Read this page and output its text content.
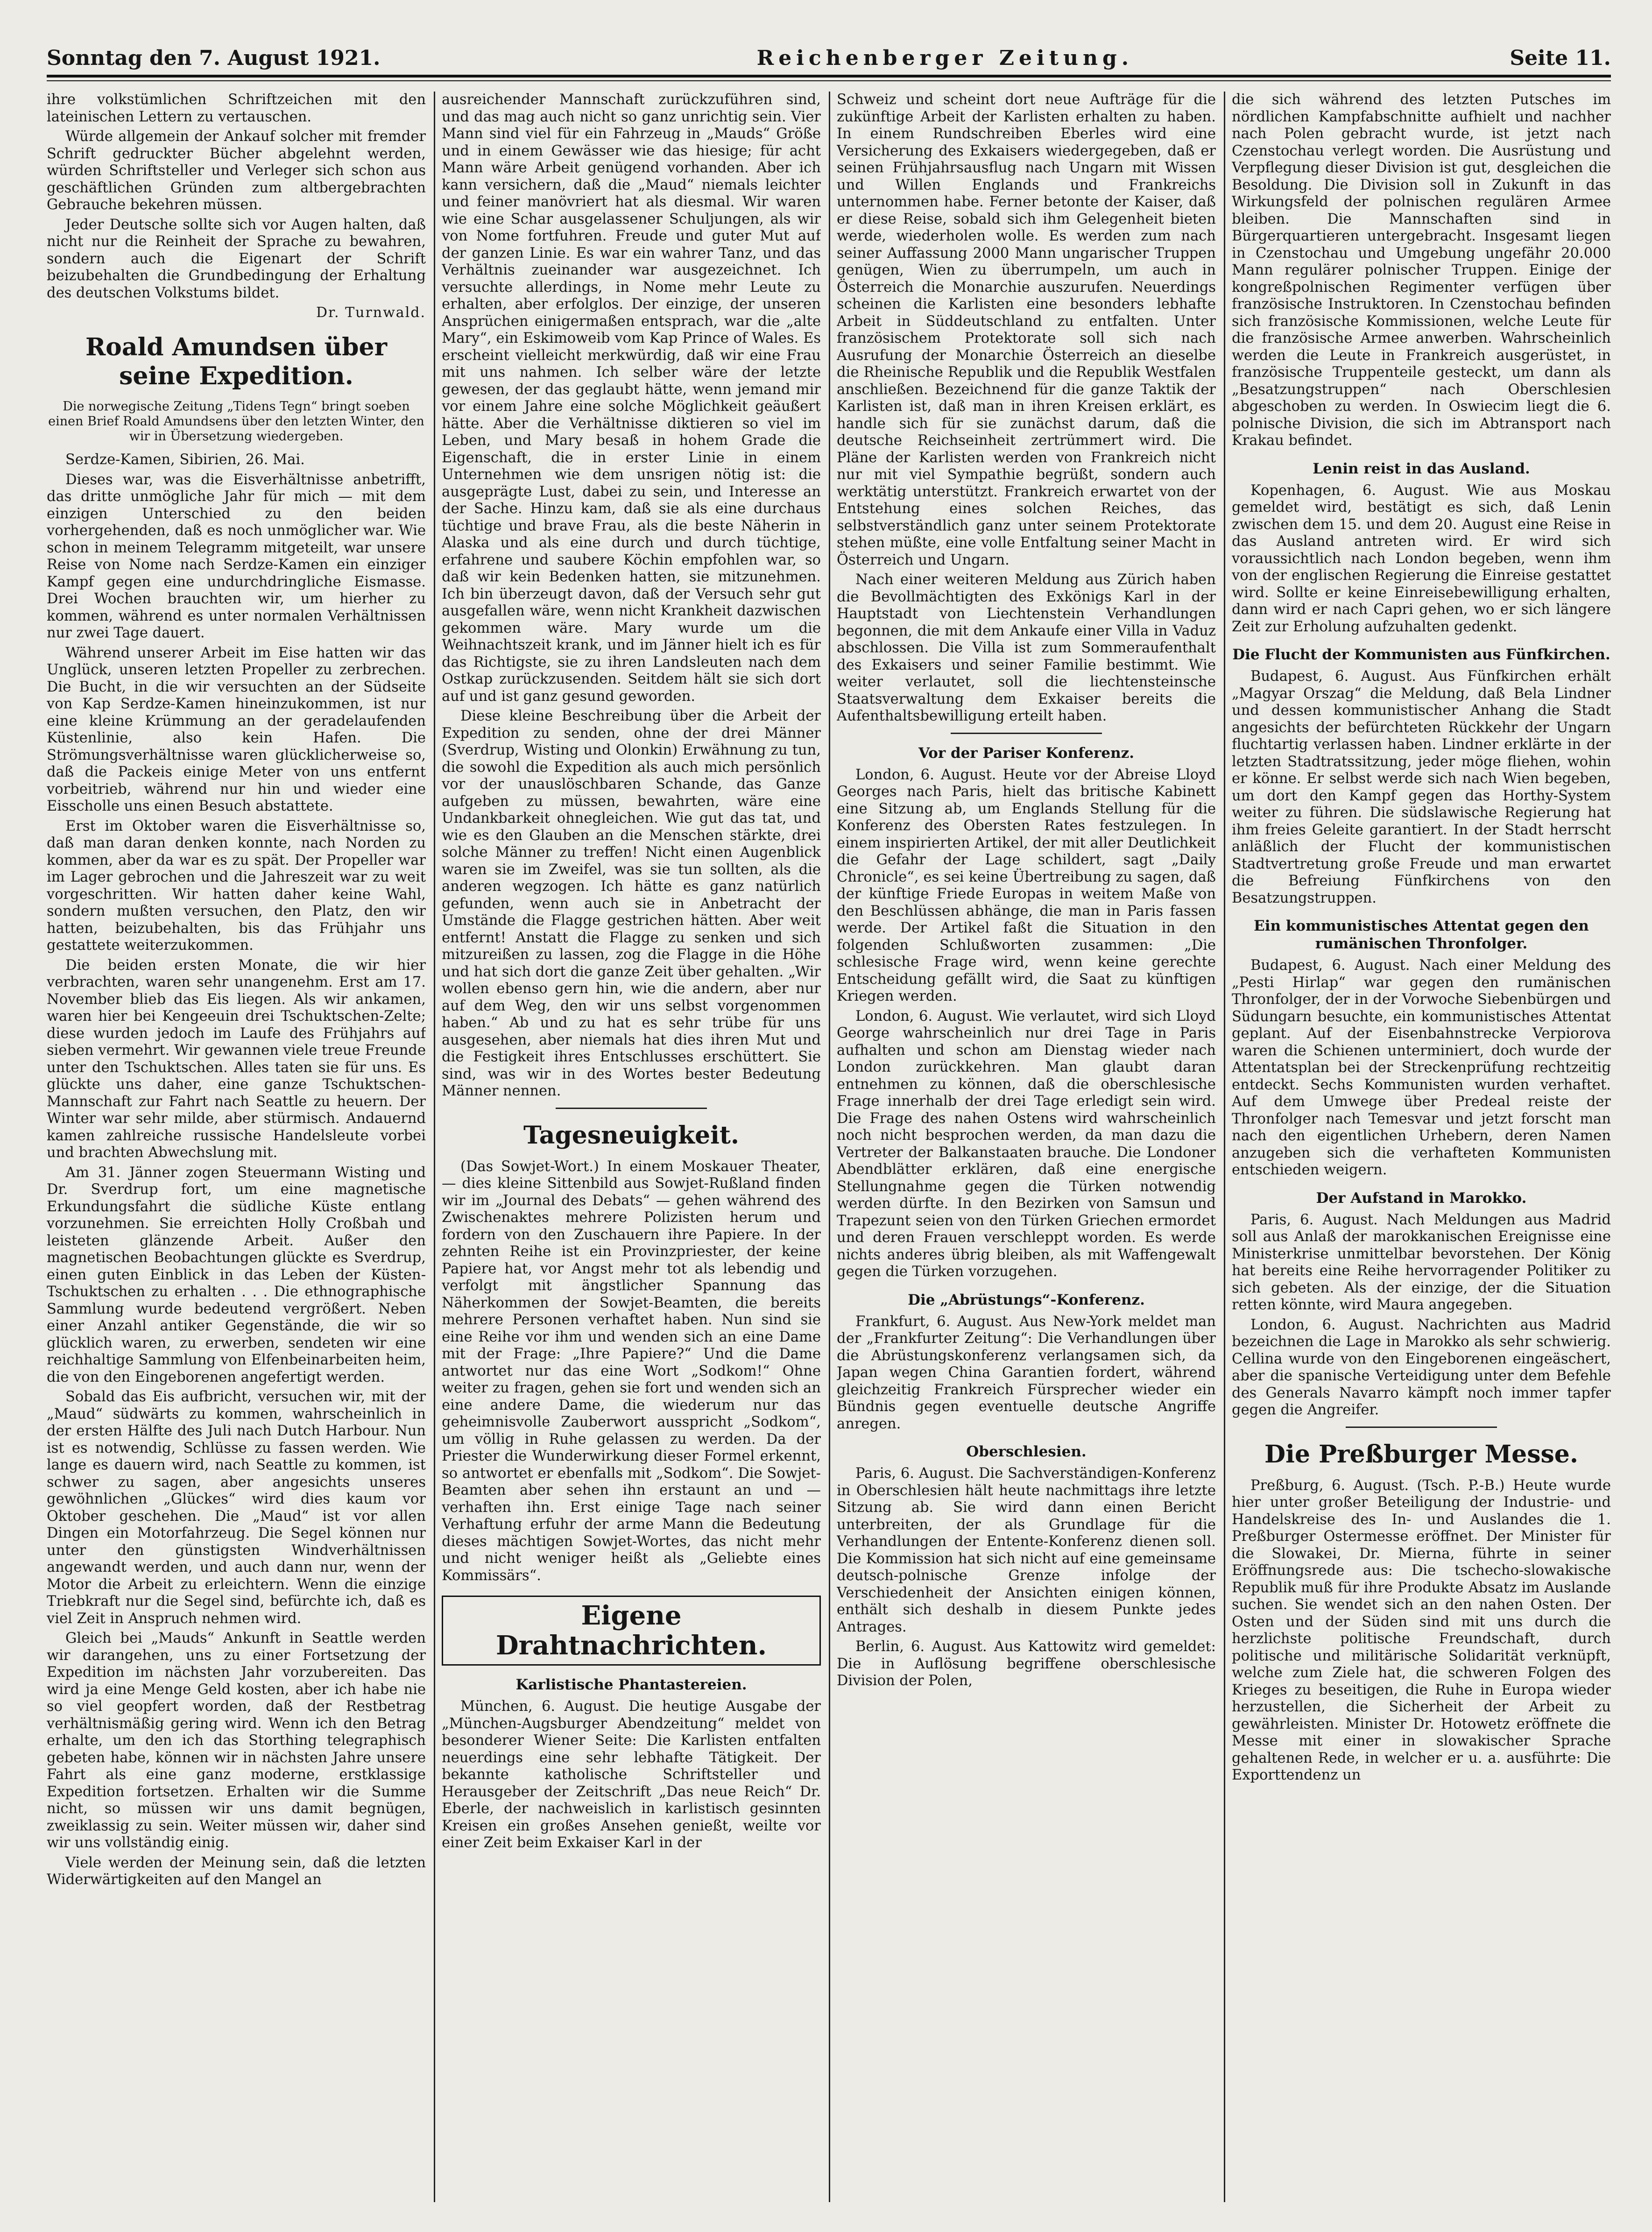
Sonntag den 7. August 1921.	Reichenberger Zeitung.	Seite 11.

ihre volkstümlichen Schriftzeichen mit den lateinischen Lettern zu vertauschen.

Würde allgemein der Ankauf solcher mit fremder Schrift gedruckter Bücher abgelehnt werden, würden Schriftsteller und Verleger sich schon aus geschäftlichen Gründen zum altbergebrachten Gebrauche bekehren müssen.

Jeder Deutsche sollte sich vor Augen halten, daß nicht nur die Reinheit der Sprache zu bewahren, sondern auch die Eigenart der Schrift beizubehalten die Grundbedingung der Erhaltung des deutschen Volkstums bildet.

Dr. Turnwald.
Roald Amundsen über seine Expedition.
Die norwegische Zeitung „Tidens Tegn“ bringt soeben einen Brief Roald Amundsens über den letzten Winter, den wir in Übersetzung wiedergeben.

Serdze-Kamen, Sibirien, 26. Mai.

Dieses war, was die Eisverhältnisse anbetrifft, das dritte unmögliche Jahr für mich — mit dem einzigen Unterschied zu den beiden vorhergehenden, daß es noch unmöglicher war. Wie schon in meinem Telegramm mitgeteilt, war unsere Reise von Nome nach Serdze-Kamen ein einziger Kampf gegen eine undurchdringliche Eismasse. Drei Wochen brauchten wir, um hierher zu kommen, während es unter normalen Verhältnissen nur zwei Tage dauert.

Während unserer Arbeit im Eise hatten wir das Unglück, unseren letzten Propeller zu zerbrechen. Die Bucht, in die wir versuchten an der Südseite von Kap Serdze-Kamen hineinzukommen, ist nur eine kleine Krümmung an der geradelaufenden Küstenlinie, also kein Hafen. Die Strömungsverhältnisse waren glücklicherweise so, daß die Packeis einige Meter von uns entfernt vorbeitrieb, während nur hin und wieder eine Eisscholle uns einen Besuch abstattete.

Erst im Oktober waren die Eisverhältnisse so, daß man daran denken konnte, nach Norden zu kommen, aber da war es zu spät. Der Propeller war im Lager gebrochen und die Jahreszeit war zu weit vorgeschritten. Wir hatten daher keine Wahl, sondern mußten versuchen, den Platz, den wir hatten, beizubehalten, bis das Frühjahr uns gestattete weiterzukommen.

Die beiden ersten Monate, die wir hier verbrachten, waren sehr unangenehm. Erst am 17. November blieb das Eis liegen. Als wir ankamen, waren hier bei Kengeeuin drei Tschuktschen-Zelte; diese wurden jedoch im Laufe des Frühjahrs auf sieben vermehrt. Wir gewannen viele treue Freunde unter den Tschuktschen. Alles taten sie für uns. Es glückte uns daher, eine ganze Tschuktschen-Mannschaft zur Fahrt nach Seattle zu heuern. Der Winter war sehr milde, aber stürmisch. Andauernd kamen zahlreiche russische Handelsleute vorbei und brachten Abwechslung mit.

Am 31. Jänner zogen Steuermann Wisting und Dr. Sverdrup fort, um eine magnetische Erkundungsfahrt die südliche Küste entlang vorzunehmen. Sie erreichten Holly Croßbah und leisteten glänzende Arbeit. Außer den magnetischen Beobachtungen glückte es Sverdrup, einen guten Einblick in das Leben der Küsten-Tschuktschen zu erhalten . . . Die ethnographische Sammlung wurde bedeutend vergrößert. Neben einer Anzahl antiker Gegenstände, die wir so glücklich waren, zu erwerben, sendeten wir eine reichhaltige Sammlung von Elfenbeinarbeiten heim, die von den Eingeborenen angefertigt werden.

Sobald das Eis aufbricht, versuchen wir, mit der „Maud“ südwärts zu kommen, wahrscheinlich in der ersten Hälfte des Juli nach Dutch Harbour. Nun ist es notwendig, Schlüsse zu fassen werden. Wie lange es dauern wird, nach Seattle zu kommen, ist schwer zu sagen, aber angesichts unseres gewöhnlichen „Glückes“ wird dies kaum vor Oktober geschehen. Die „Maud“ ist vor allen Dingen ein Motorfahrzeug. Die Segel können nur unter den günstigsten Windverhältnissen angewandt werden, und auch dann nur, wenn der Motor die Arbeit zu erleichtern. Wenn die einzige Triebkraft nur die Segel sind, befürchte ich, daß es viel Zeit in Anspruch nehmen wird.

Gleich bei „Mauds“ Ankunft in Seattle werden wir darangehen, uns zu einer Fortsetzung der Expedition im nächsten Jahr vorzubereiten. Das wird ja eine Menge Geld kosten, aber ich habe nie so viel geopfert worden, daß der Restbetrag verhältnismäßig gering wird. Wenn ich den Betrag erhalte, um den ich das Storthing telegraphisch gebeten habe, können wir in nächsten Jahre unsere Fahrt als eine ganz moderne, erstklassige Expedition fortsetzen. Erhalten wir die Summe nicht, so müssen wir uns damit begnügen, zweiklassig zu sein. Weiter müssen wir, daher sind wir uns vollständig einig.

Viele werden der Meinung sein, daß die letzten Widerwärtigkeiten auf den Mangel an

ausreichender Mannschaft zurückzuführen sind, und das mag auch nicht so ganz unrichtig sein. Vier Mann sind viel für ein Fahrzeug in „Mauds“ Größe und in einem Gewässer wie das hiesige; für acht Mann wäre Arbeit genügend vorhanden. Aber ich kann versichern, daß die „Maud“ niemals leichter und feiner manövriert hat als diesmal. Wir waren wie eine Schar ausgelassener Schuljungen, als wir von Nome fortfuhren. Freude und guter Mut auf der ganzen Linie. Es war ein wahrer Tanz, und das Verhältnis zueinander war ausgezeichnet. Ich versuchte allerdings, in Nome mehr Leute zu erhalten, aber erfolglos. Der einzige, der unseren Ansprüchen einigermaßen entsprach, war die „alte Mary“, ein Eskimoweib vom Kap Prince of Wales. Es erscheint vielleicht merkwürdig, daß wir eine Frau mit uns nahmen. Ich selber wäre der letzte gewesen, der das geglaubt hätte, wenn jemand mir vor einem Jahre eine solche Möglichkeit geäußert hätte. Aber die Verhältnisse diktieren so viel im Leben, und Mary besaß in hohem Grade die Eigenschaft, die in erster Linie in einem Unternehmen wie dem unsrigen nötig ist: die ausgeprägte Lust, dabei zu sein, und Interesse an der Sache. Hinzu kam, daß sie als eine durchaus tüchtige und brave Frau, als die beste Näherin in Alaska und als eine durch und durch tüchtige, erfahrene und saubere Köchin empfohlen war, so daß wir kein Bedenken hatten, sie mitzunehmen. Ich bin überzeugt davon, daß der Versuch sehr gut ausgefallen wäre, wenn nicht Krankheit dazwischen gekommen wäre. Mary wurde um die Weihnachtszeit krank, und im Jänner hielt ich es für das Richtigste, sie zu ihren Landsleuten nach dem Ostkap zurückzusenden. Seitdem hält sie sich dort auf und ist ganz gesund geworden.

Diese kleine Beschreibung über die Arbeit der Expedition zu senden, ohne der drei Männer (Sverdrup, Wisting und Olonkin) Erwähnung zu tun, die sowohl die Expedition als auch mich persönlich vor der unauslöschbaren Schande, das Ganze aufgeben zu müssen, bewahrten, wäre eine Undankbarkeit ohnegleichen. Wie gut das tat, und wie es den Glauben an die Menschen stärkte, drei solche Männer zu treffen! Nicht einen Augenblick waren sie im Zweifel, was sie tun sollten, als die anderen wegzogen. Ich hätte es ganz natürlich gefunden, wenn auch sie in Anbetracht der Umstände die Flagge gestrichen hätten. Aber weit entfernt! Anstatt die Flagge zu senken und sich mitzureißen zu lassen, zog die Flagge in die Höhe und hat sich dort die ganze Zeit über gehalten. „Wir wollen ebenso gern hin, wie die andern, aber nur auf dem Weg, den wir uns selbst vorgenommen haben.“ Ab und zu hat es sehr trübe für uns ausgesehen, aber niemals hat dies ihren Mut und die Festigkeit ihres Entschlusses erschüttert. Sie sind, was wir in des Wortes bester Bedeutung Männer nennen.

Tagesneuigkeit.

(Das Sowjet-Wort.) In einem Moskauer Theater, — dies kleine Sittenbild aus Sowjet-Rußland finden wir im „Journal des Debats“ — gehen während des Zwischenaktes mehrere Polizisten herum und fordern von den Zuschauern ihre Papiere. In der zehnten Reihe ist ein Provinzpriester, der keine Papiere hat, vor Angst mehr tot als lebendig und verfolgt mit ängstlicher Spannung das Näherkommen der Sowjet-Beamten, die bereits mehrere Personen verhaftet haben. Nun sind sie eine Reihe vor ihm und wenden sich an eine Dame mit der Frage: „Ihre Papiere?“ Und die Dame antwortet nur das eine Wort „Sodkom!“ Ohne weiter zu fragen, gehen sie fort und wenden sich an eine andere Dame, die wiederum nur das geheimnisvolle Zauberwort ausspricht „Sodkom“, um völlig in Ruhe gelassen zu werden. Da der Priester die Wunderwirkung dieser Formel erkennt, so antwortet er ebenfalls mit „Sodkom“. Die Sowjet-Beamten aber sehen ihn erstaunt an und — verhaften ihn. Erst einige Tage nach seiner Verhaftung erfuhr der arme Mann die Bedeutung dieses mächtigen Sowjet-Wortes, das nicht mehr und nicht weniger heißt als „Geliebte eines Kommissärs“.

Eigene Drahtnachrichten.
Karlistische Phantastereien.

München, 6. August. Die heutige Ausgabe der „München-Augsburger Abendzeitung“ meldet von besonderer Wiener Seite: Die Karlisten entfalten neuerdings eine sehr lebhafte Tätigkeit. Der bekannte katholische Schriftsteller und Herausgeber der Zeitschrift „Das neue Reich“ Dr. Eberle, der nachweislich in karlistisch gesinnten Kreisen ein großes Ansehen genießt, weilte vor einer Zeit beim Exkaiser Karl in der

Schweiz und scheint dort neue Aufträge für die zukünftige Arbeit der Karlisten erhalten zu haben. In einem Rundschreiben Eberles wird eine Versicherung des Exkaisers wiedergegeben, daß er seinen Frühjahrsausflug nach Ungarn mit Wissen und Willen Englands und Frankreichs unternommen habe. Ferner betonte der Kaiser, daß er diese Reise, sobald sich ihm Gelegenheit bieten werde, wiederholen wolle. Es werden zum nach seiner Auffassung 2000 Mann ungarischer Truppen genügen, Wien zu überrumpeln, um auch in Österreich die Monarchie auszurufen. Neuerdings scheinen die Karlisten eine besonders lebhafte Arbeit in Süddeutschland zu entfalten. Unter französischem Protektorate soll sich nach Ausrufung der Monarchie Österreich an dieselbe die Rheinische Republik und die Republik Westfalen anschließen. Bezeichnend für die ganze Taktik der Karlisten ist, daß man in ihren Kreisen erklärt, es handle sich für sie zunächst darum, daß die deutsche Reichseinheit zertrümmert wird. Die Pläne der Karlisten werden von Frankreich nicht nur mit viel Sympathie begrüßt, sondern auch werktätig unterstützt. Frankreich erwartet von der Entstehung eines solchen Reiches, das selbstverständlich ganz unter seinem Protektorate stehen müßte, eine volle Entfaltung seiner Macht in Österreich und Ungarn.

Nach einer weiteren Meldung aus Zürich haben die Bevollmächtigten des Exkönigs Karl in der Hauptstadt von Liechtenstein Verhandlungen begonnen, die mit dem Ankaufe einer Villa in Vaduz abschlossen. Die Villa ist zum Sommeraufenthalt des Exkaisers und seiner Familie bestimmt. Wie weiter verlautet, soll die liechtensteinsche Staatsverwaltung dem Exkaiser bereits die Aufenthaltsbewilligung erteilt haben.

Vor der Pariser Konferenz.

London, 6. August. Heute vor der Abreise Lloyd Georges nach Paris, hielt das britische Kabinett eine Sitzung ab, um Englands Stellung für die Konferenz des Obersten Rates festzulegen. In einem inspirierten Artikel, der mit aller Deutlichkeit die Gefahr der Lage schildert, sagt „Daily Chronicle“, es sei keine Übertreibung zu sagen, daß der künftige Friede Europas in weitem Maße von den Beschlüssen abhänge, die man in Paris fassen werde. Der Artikel faßt die Situation in den folgenden Schlußworten zusammen: „Die schlesische Frage wird, wenn keine gerechte Entscheidung gefällt wird, die Saat zu künftigen Kriegen werden.

London, 6. August. Wie verlautet, wird sich Lloyd George wahrscheinlich nur drei Tage in Paris aufhalten und schon am Dienstag wieder nach London zurückkehren. Man glaubt daran entnehmen zu können, daß die oberschlesische Frage innerhalb der drei Tage erledigt sein wird. Die Frage des nahen Ostens wird wahrscheinlich noch nicht besprochen werden, da man dazu die Vertreter der Balkanstaaten brauche. Die Londoner Abendblätter erklären, daß eine energische Stellungnahme gegen die Türken notwendig werden dürfte. In den Bezirken von Samsun und Trapezunt seien von den Türken Griechen ermordet und deren Frauen verschleppt worden. Es werde nichts anderes übrig bleiben, als mit Waffengewalt gegen die Türken vorzugehen.

Die „Abrüstungs“-Konferenz.

Frankfurt, 6. August. Aus New-York meldet man der „Frankfurter Zeitung“: Die Verhandlungen über die Abrüstungskonferenz verlangsamen sich, da Japan wegen China Garantien fordert, während gleichzeitig Frankreich Fürsprecher wieder ein Bündnis gegen eventuelle deutsche Angriffe anregen.

Oberschlesien.

Paris, 6. August. Die Sachverständigen-Konferenz in Oberschlesien hält heute nachmittags ihre letzte Sitzung ab. Sie wird dann einen Bericht unterbreiten, der als Grundlage für die Verhandlungen der Entente-Konferenz dienen soll. Die Kommission hat sich nicht auf eine gemeinsame deutsch-polnische Grenze infolge der Verschiedenheit der Ansichten einigen können, enthält sich deshalb in diesem Punkte jedes Antrages.

Berlin, 6. August. Aus Kattowitz wird gemeldet: Die in Auflösung begriffene oberschlesische Division der Polen,

die sich während des letzten Putsches im nördlichen Kampfabschnitte aufhielt und nachher nach Polen gebracht wurde, ist jetzt nach Czenstochau verlegt worden. Die Ausrüstung und Verpflegung dieser Division ist gut, desgleichen die Besoldung. Die Division soll in Zukunft in das Wirkungsfeld der polnischen regulären Armee bleiben. Die Mannschaften sind in Bürgerquartieren untergebracht. Insgesamt liegen in Czenstochau und Umgebung ungefähr 20.000 Mann regulärer polnischer Truppen. Einige der kongreßpolnischen Regimenter verfügen über französische Instruktoren. In Czenstochau befinden sich französische Kommissionen, welche Leute für die französische Armee anwerben. Wahrscheinlich werden die Leute in Frankreich ausgerüstet, in französische Truppenteile gesteckt, um dann als „Besatzungstruppen“ nach Oberschlesien abgeschoben zu werden. In Oswiecim liegt die 6. polnische Division, die sich im Abtransport nach Krakau befindet.

Lenin reist in das Ausland.

Kopenhagen, 6. August. Wie aus Moskau gemeldet wird, bestätigt es sich, daß Lenin zwischen dem 15. und dem 20. August eine Reise in das Ausland antreten wird. Er wird sich voraussichtlich nach London begeben, wenn ihm von der englischen Regierung die Einreise gestattet wird. Sollte er keine Einreisebewilligung erhalten, dann wird er nach Capri gehen, wo er sich längere Zeit zur Erholung aufzuhalten gedenkt.

Die Flucht der Kommunisten aus Fünfkirchen.

Budapest, 6. August. Aus Fünfkirchen erhält „Magyar Orszag“ die Meldung, daß Bela Lindner und dessen kommunistischer Anhang die Stadt angesichts der befürchteten Rückkehr der Ungarn fluchtartig verlassen haben. Lindner erklärte in der letzten Stadtratssitzung, jeder möge fliehen, wohin er könne. Er selbst werde sich nach Wien begeben, um dort den Kampf gegen das Horthy-System weiter zu führen. Die südslawische Regierung hat ihm freies Geleite garantiert. In der Stadt herrscht anläßlich der Flucht der kommunistischen Stadtvertretung große Freude und man erwartet die Befreiung Fünfkirchens von den Besatzungstruppen.

Ein kommunistisches Attentat gegen den rumänischen Thronfolger.

Budapest, 6. August. Nach einer Meldung des „Pesti Hirlap“ war gegen den rumänischen Thronfolger, der in der Vorwoche Siebenbürgen und Südungarn besuchte, ein kommunistisches Attentat geplant. Auf der Eisenbahnstrecke Verpiorova waren die Schienen unterminiert, doch wurde der Attentatsplan bei der Streckenprüfung rechtzeitig entdeckt. Sechs Kommunisten wurden verhaftet. Auf dem Umwege über Predeal reiste der Thronfolger nach Temesvar und jetzt forscht man nach den eigentlichen Urhebern, deren Namen anzugeben sich die verhafteten Kommunisten entschieden weigern.

Der Aufstand in Marokko.

Paris, 6. August. Nach Meldungen aus Madrid soll aus Anlaß der marokkanischen Ereignisse eine Ministerkrise unmittelbar bevorstehen. Der König hat bereits eine Reihe hervorragender Politiker zu sich gebeten. Als der einzige, der die Situation retten könnte, wird Maura angegeben.

London, 6. August. Nachrichten aus Madrid bezeichnen die Lage in Marokko als sehr schwierig. Cellina wurde von den Eingeborenen eingeäschert, aber die spanische Verteidigung unter dem Befehle des Generals Navarro kämpft noch immer tapfer gegen die Angreifer.

Die Preßburger Messe.

Preßburg, 6. August. (Tsch. P.-B.) Heute wurde hier unter großer Beteiligung der Industrie- und Handelskreise des In- und Auslandes die 1. Preßburger Ostermesse eröffnet. Der Minister für die Slowakei, Dr. Mierna, führte in seiner Eröffnungsrede aus: Die tschecho-slowakische Republik muß für ihre Produkte Absatz im Auslande suchen. Sie wendet sich an den nahen Osten. Der Osten und der Süden sind mit uns durch die herzlichste politische Freundschaft, durch politische und militärische Solidarität verknüpft, welche zum Ziele hat, die schweren Folgen des Krieges zu beseitigen, die Ruhe in Europa wieder herzustellen, die Sicherheit der Arbeit zu gewährleisten. Minister Dr. Hotowetz eröffnete die Messe mit einer in slowakischer Sprache gehaltenen Rede, in welcher er u. a. ausführte: Die Exporttendenz un
